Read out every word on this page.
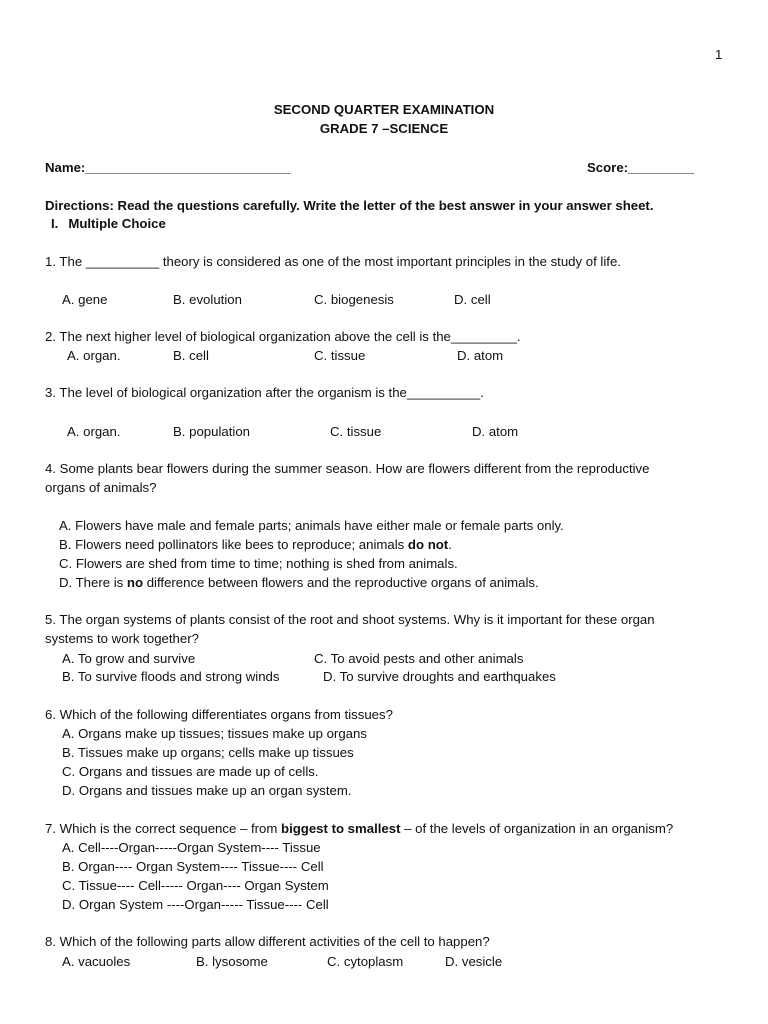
1
SECOND QUARTER EXAMINATION
GRADE 7 –SCIENCE
Name:____________________________	Score:_________
Directions: Read the questions carefully. Write the letter of the best answer in your answer sheet.
I. Multiple Choice
1. The __________ theory is considered as one of the most important principles in the study of life.
A. gene	B. evolution	C. biogenesis	D. cell
2. The next higher level of biological organization above the cell is the_________.
A. organ.	B. cell	C. tissue	D. atom
3. The level of biological organization after the organism is the__________.
A. organ.	B. population	C. tissue	D. atom
4. Some plants bear flowers during the summer season. How are flowers different from the reproductive
organs of animals?
A. Flowers have male and female parts; animals have either male or female parts only.
B. Flowers need pollinators like bees to reproduce; animals do not.
C. Flowers are shed from time to time; nothing is shed from animals.
D. There is no difference between flowers and the reproductive organs of animals.
5. The organ systems of plants consist of the root and shoot systems. Why is it important for these organ
systems to work together?
A. To grow and survive	C. To avoid pests and other animals
B. To survive floods and strong winds	D. To survive droughts and earthquakes
6. Which of the following differentiates organs from tissues?
A. Organs make up tissues; tissues make up organs
B. Tissues make up organs; cells make up tissues
C. Organs and tissues are made up of cells.
D. Organs and tissues make up an organ system.
7. Which is the correct sequence – from biggest to smallest – of the levels of organization in an organism?
A. Cell----Organ-----Organ System---- Tissue
B. Organ---- Organ System---- Tissue---- Cell
C. Tissue---- Cell----- Organ---- Organ System
D. Organ System ----Organ----- Tissue---- Cell
8. Which of the following parts allow different activities of the cell to happen?
A. vacuoles	B. lysosome	C. cytoplasm	D. vesicle
